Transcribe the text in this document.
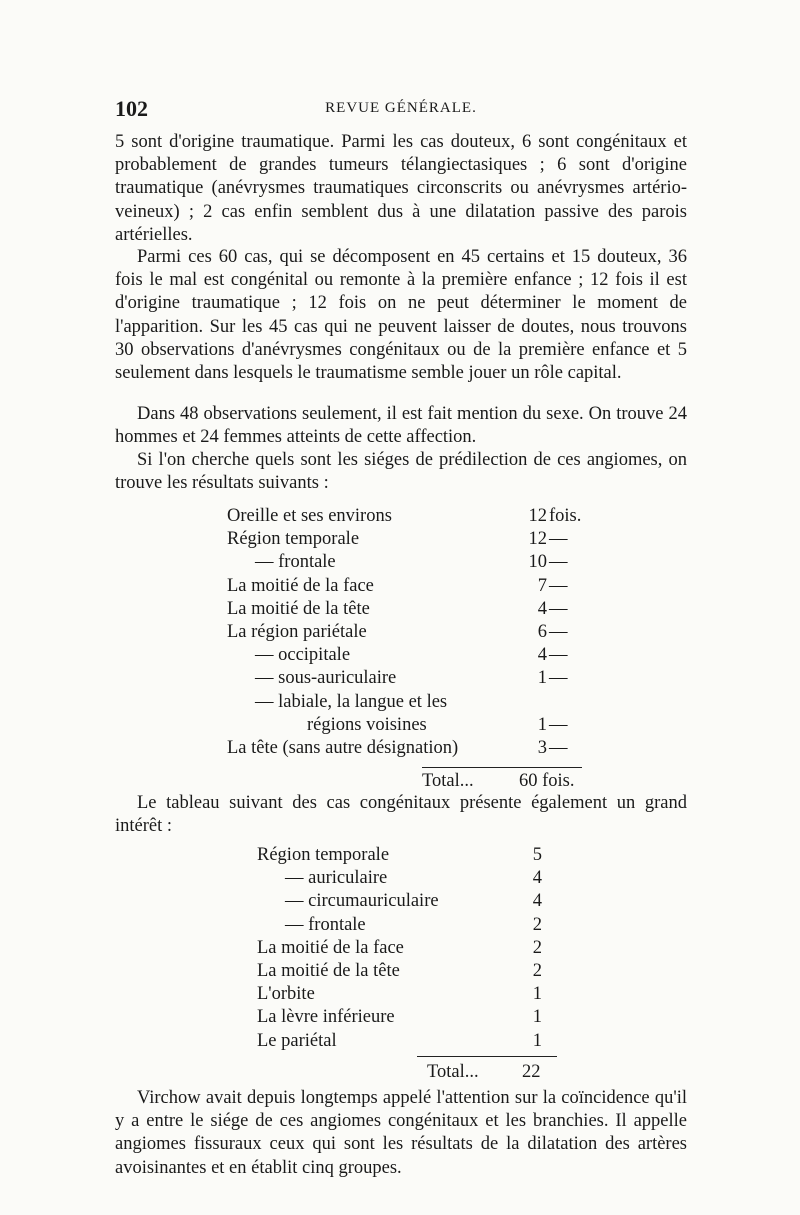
102	REVUE GÉNÉRALE.

5 sont d'origine traumatique. Parmi les cas douteux, 6 sont congénitaux et probablement de grandes tumeurs télangiectasiques ; 6 sont d'origine traumatique (anévrysmes traumatiques circonscrits ou anévrysmes artério-veineux) ; 2 cas enfin semblent dus à une dilatation passive des parois artérielles.

Parmi ces 60 cas, qui se décomposent en 45 certains et 15 douteux, 36 fois le mal est congénital ou remonte à la première enfance ; 12 fois il est d'origine traumatique ; 12 fois on ne peut déterminer le moment de l'apparition. Sur les 45 cas qui ne peuvent laisser de doutes, nous trouvons 30 observations d'anévrysmes congénitaux ou de la première enfance et 5 seulement dans lesquels le traumatisme semble jouer un rôle capital.

Dans 48 observations seulement, il est fait mention du sexe. On trouve 24 hommes et 24 femmes atteints de cette affection.

Si l'on cherche quels sont les siéges de prédilection de ces angiomes, on trouve les résultats suivants :

Oreille et ses environs	12 fois.
Région temporale	12 —
— frontale	10 —
La moitié de la face	7 —
La moitié de la tête	4 —
La région pariétale	6 —
— occipitale	4 —
— sous-auriculaire	1 —
— labiale, la langue et les
régions voisines	1 —
La tête (sans autre désignation)	3 —
Total... 60 fois.

Le tableau suivant des cas congénitaux présente également un grand intérêt :

Région temporale	5
— auriculaire	4
— circumauriculaire	4
— frontale	2
La moitié de la face	2
La moitié de la tête	2
L'orbite	1
La lèvre inférieure	1
Le pariétal	1
Total... 22

Virchow avait depuis longtemps appelé l'attention sur la coïncidence qu'il y a entre le siége de ces angiomes congénitaux et les branchies. Il appelle angiomes fissuraux ceux qui sont les résultats de la dilatation des artères avoisinantes et en établit cinq groupes.
